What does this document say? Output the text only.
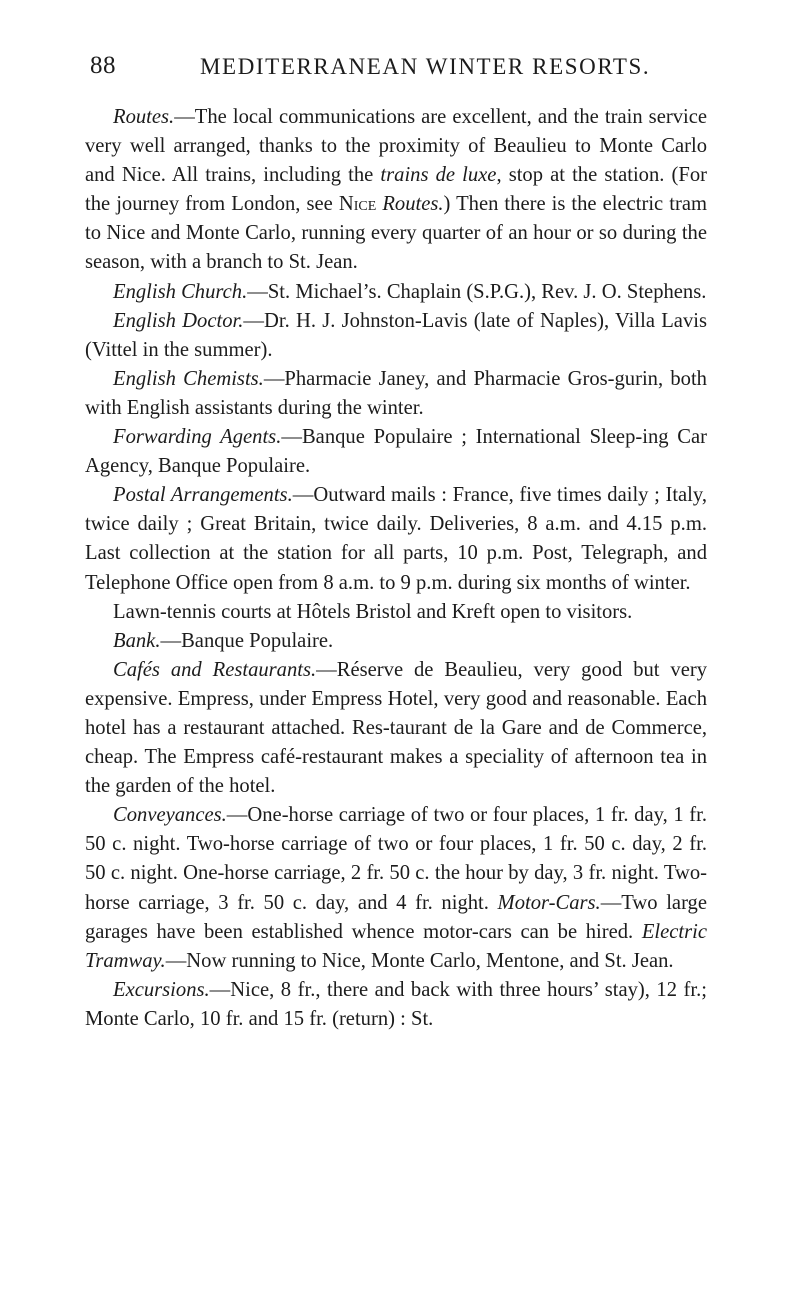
88	MEDITERRANEAN WINTER RESORTS.

Routes.—The local communications are excellent, and the train service very well arranged, thanks to the proximity of Beaulieu to Monte Carlo and Nice. All trains, including the trains de luxe, stop at the station. (For the journey from London, see Nice Routes.) Then there is the electric tram to Nice and Monte Carlo, running every quarter of an hour or so during the season, with a branch to St. Jean.

English Church.—St. Michael’s. Chaplain (S.P.G.), Rev. J. O. Stephens.

English Doctor.—Dr. H. J. Johnston-Lavis (late of Naples), Villa Lavis (Vittel in the summer).

English Chemists.—Pharmacie Janey, and Pharmacie Gros-gurin, both with English assistants during the winter.

Forwarding Agents.—Banque Populaire ; International Sleep-ing Car Agency, Banque Populaire.

Postal Arrangements.—Outward mails : France, five times daily ; Italy, twice daily ; Great Britain, twice daily. Deliveries, 8 a.m. and 4.15 p.m. Last collection at the station for all parts, 10 p.m. Post, Telegraph, and Telephone Office open from 8 a.m. to 9 p.m. during six months of winter.

Lawn-tennis courts at Hôtels Bristol and Kreft open to visitors.

Bank.—Banque Populaire.

Cafés and Restaurants.—Réserve de Beaulieu, very good but very expensive. Empress, under Empress Hotel, very good and reasonable. Each hotel has a restaurant attached. Res-taurant de la Gare and de Commerce, cheap. The Empress café-restaurant makes a speciality of afternoon tea in the garden of the hotel.

Conveyances.—One-horse carriage of two or four places, 1 fr. day, 1 fr. 50 c. night. Two-horse carriage of two or four places, 1 fr. 50 c. day, 2 fr. 50 c. night. One-horse carriage, 2 fr. 50 c. the hour by day, 3 fr. night. Two-horse carriage, 3 fr. 50 c. day, and 4 fr. night. Motor-Cars.—Two large garages have been established whence motor-cars can be hired. Electric Tramway.—Now running to Nice, Monte Carlo, Mentone, and St. Jean.

Excursions.—Nice, 8 fr., there and back with three hours’ stay), 12 fr.; Monte Carlo, 10 fr. and 15 fr. (return) : St.
